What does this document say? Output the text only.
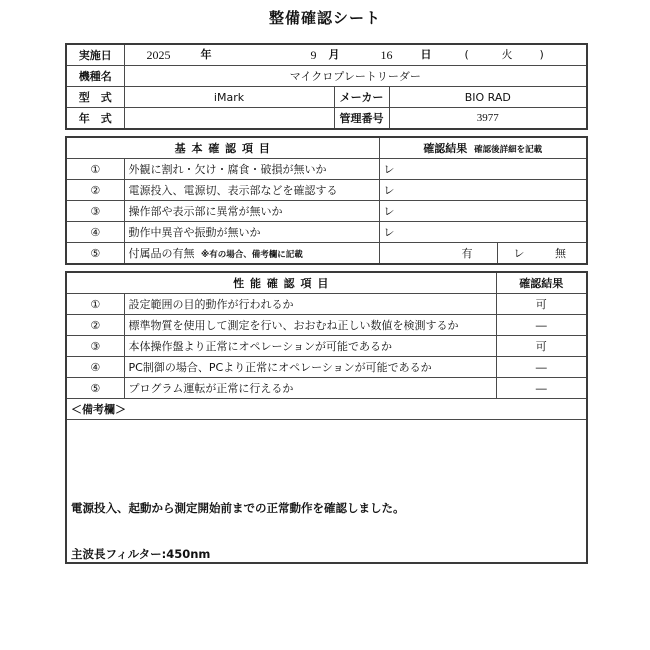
整備確認シート
実施日	2025	年	9 月	16	日	(	火 )

機種名	マイクロプレートリーダー		
型　式	iMark	メーカー	BIO RAD
年　式		管理番号	3977
基 本 確 認 項 目		確認結果 確認後詳細を記載
①	外観に割れ・欠け・腐食・破損が無いか	レ
②	電源投入、電源切、表示部などを確認する	レ
③	操作部や表示部に異常が無いか	レ
④	動作中異音や振動が無いか	レ
⑤	付属品の有無 ※有の場合、備考欄に記載	有 レ 無
性 能 確 認 項 目		確認結果
①	設定範囲の目的動作が行われるか	可
②	標準物質を使用して測定を行い、おおむね正しい数値を検測するか	―
③	本体操作盤より正常にオペレーションが可能であるか	可
④	PC制御の場合、PCより正常にオペレーションが可能であるか	―
⑤	プログラム運転が正常に行えるか	―
＜備考欄＞		

電源投入、起動から測定開始前までの正常動作を確認しました。
主波長フィルター:450nm		
